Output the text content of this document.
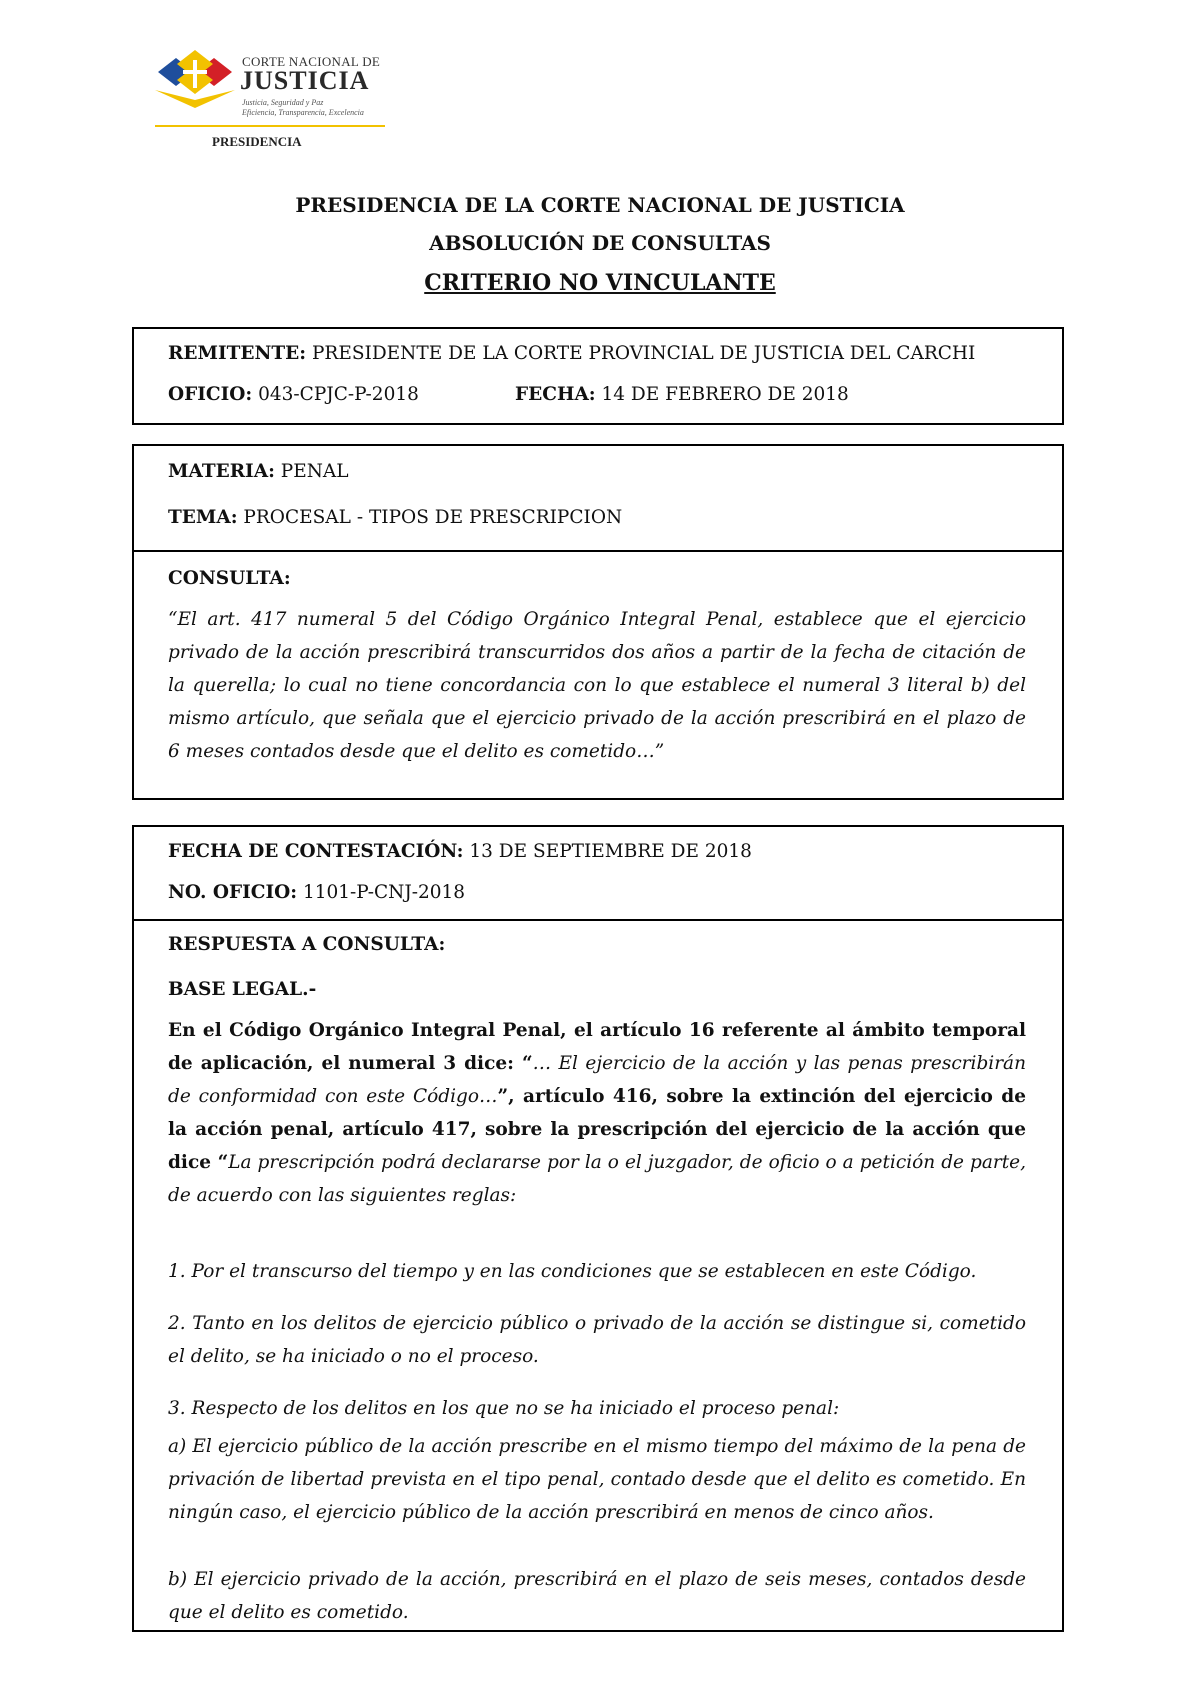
CORTE NACIONAL DE
JUSTICIA
Justicia, Seguridad y Paz
Eficiencia, Transparencia, Excelencia
PRESIDENCIA
PRESIDENCIA DE LA CORTE NACIONAL DE JUSTICIA
ABSOLUCIÓN DE CONSULTAS
CRITERIO NO VINCULANTE
REMITENTE: PRESIDENTE DE LA CORTE PROVINCIAL DE JUSTICIA DEL CARCHI
OFICIO: 043-CPJC-P-2018	FECHA: 14 DE FEBRERO DE 2018
MATERIA: PENAL
TEMA: PROCESAL - TIPOS DE PRESCRIPCION
CONSULTA:
“El art. 417 numeral 5 del Código Orgánico Integral Penal, establece que el ejercicio privado de la acción prescribirá transcurridos dos años a partir de la fecha de citación de la querella; lo cual no tiene concordancia con lo que establece el numeral 3 literal b) del mismo artículo, que señala que el ejercicio privado de la acción prescribirá en el plazo de 6 meses contados desde que el delito es cometido…”
FECHA DE CONTESTACIÓN: 13 DE SEPTIEMBRE DE 2018
NO. OFICIO: 1101-P-CNJ-2018
RESPUESTA A CONSULTA:
BASE LEGAL.-
En el Código Orgánico Integral Penal, el artículo 16 referente al ámbito temporal de aplicación, el numeral 3 dice: “… El ejercicio de la acción y las penas prescribirán de conformidad con este Código…”, artículo 416, sobre la extinción del ejercicio de la acción penal, artículo 417, sobre la prescripción del ejercicio de la acción que dice “La prescripción podrá declararse por la o el juzgador, de oficio o a petición de parte, de acuerdo con las siguientes reglas:
1. Por el transcurso del tiempo y en las condiciones que se establecen en este Código.
2. Tanto en los delitos de ejercicio público o privado de la acción se distingue si, cometido el delito, se ha iniciado o no el proceso.
3. Respecto de los delitos en los que no se ha iniciado el proceso penal:
a) El ejercicio público de la acción prescribe en el mismo tiempo del máximo de la pena de privación de libertad prevista en el tipo penal, contado desde que el delito es cometido. En ningún caso, el ejercicio público de la acción prescribirá en menos de cinco años.
b) El ejercicio privado de la acción, prescribirá en el plazo de seis meses, contados desde que el delito es cometido.
